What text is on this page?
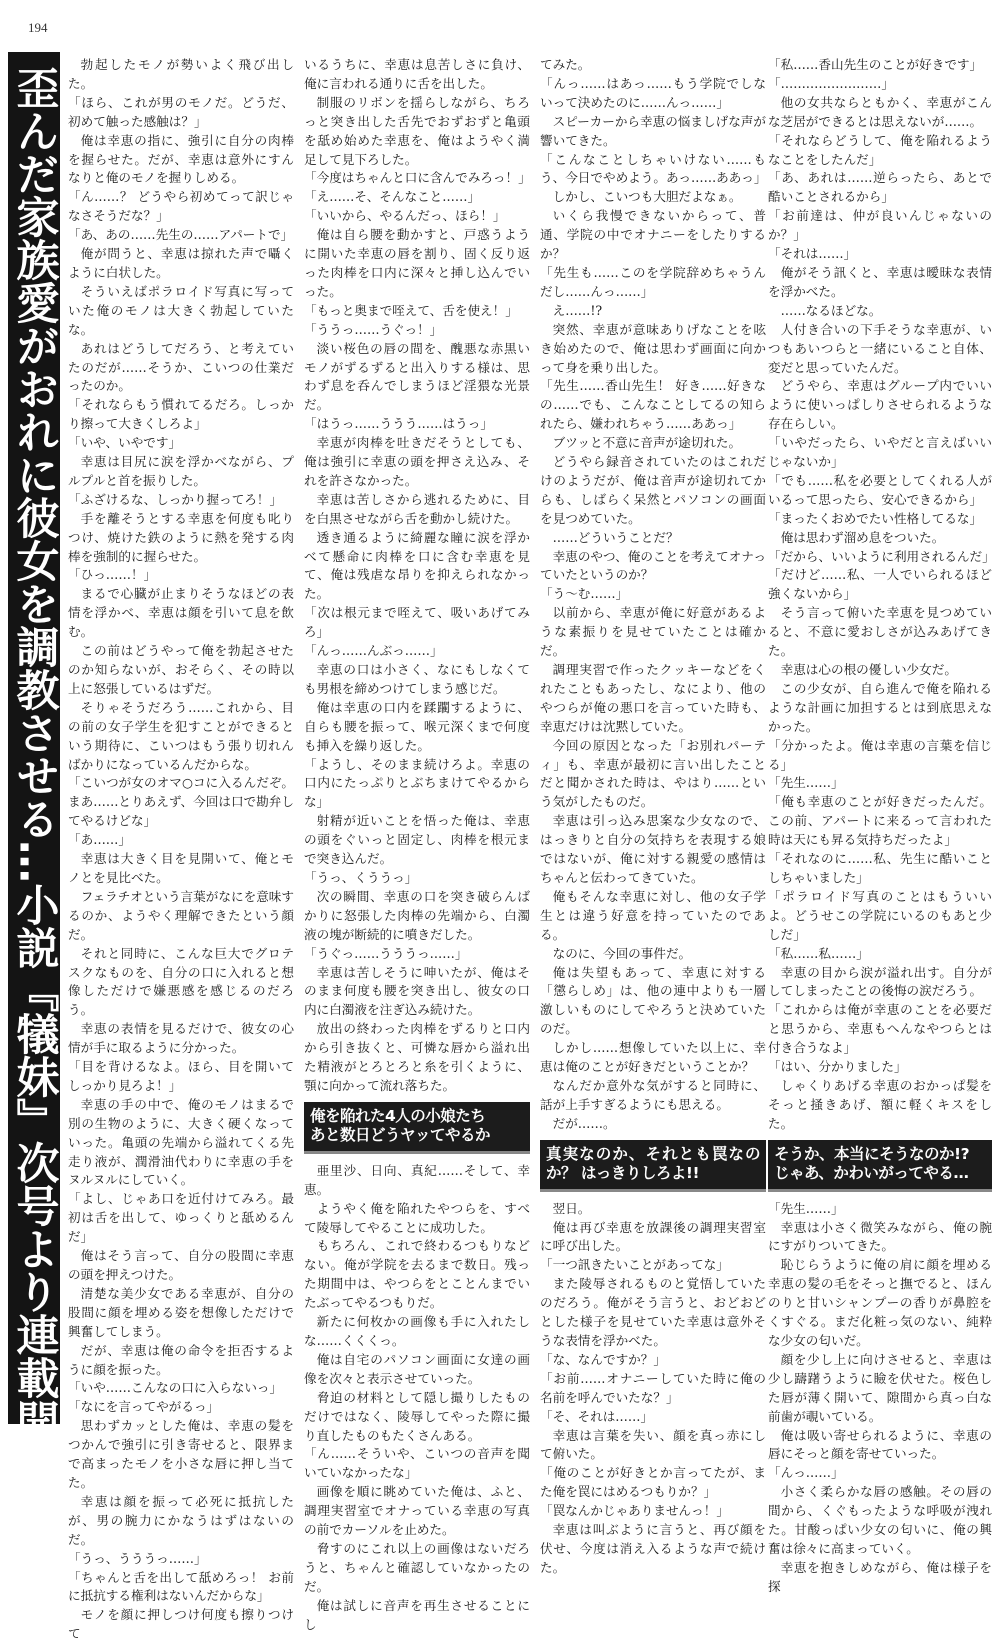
194
歪んだ家族愛がおれに彼女を調教させる…小説『犠妹』次号より連載開始!!

勃起したモノが勢いよく飛び出した。

「ほら、これが男のモノだ。どうだ、初めて触った感触は？」

俺は幸恵の指に、強引に自分の肉棒を握らせた。だが、幸恵は意外にすんなりと俺のモノを握りしめる。

「ん……？ どうやら初めてって訳じゃなさそうだな？」

「あ、あの……先生の……アパートで」

俺が問うと、幸恵は掠れた声で囁くように白状した。

そういえばポラロイド写真に写っていた俺のモノは大きく勃起していたな。

あれはどうしてだろう、と考えていたのだが……そうか、こいつの仕業だったのか。

「それならもう慣れてるだろ。しっかり擦って大きくしろよ」

「いや、いやです」

幸恵は目尻に涙を浮かべながら、プルプルと首を振りした。

「ふざけるな、しっかり握ってろ！」

手を離そうとする幸恵を何度も叱りつけ、焼けた鉄のように熱を発する肉棒を強制的に握らせた。

「ひっ……！」

まるで心臓が止まりそうなほどの表情を浮かべ、幸恵は顔を引いて息を飲む。

この前はどうやって俺を勃起させたのか知らないが、おそらく、その時以上に怒張しているはずだ。

そりゃそうだろう……これから、目の前の女子学生を犯すことができるという期待に、こいつはもう張り切れんばかりになっているんだからな。

「こいつが女のオマ○コに入るんだぞ。まあ……とりあえず、今回は口で勘弁してやるけどな」

「あ……」

幸恵は大きく目を見開いて、俺とモノとを見比べた。

フェラチオという言葉がなにを意味するのか、ようやく理解できたという顔だ。

それと同時に、こんな巨大でグロテスクなものを、自分の口に入れると想像しただけで嫌悪感を感じるのだろう。

幸恵の表情を見るだけで、彼女の心情が手に取るように分かった。

「目を背けるなよ。ほら、目を開いてしっかり見ろよ！」

幸恵の手の中で、俺のモノはまるで別の生物のように、大きく硬くなっていった。亀頭の先端から溢れてくる先走り液が、潤滑油代わりに幸恵の手をヌルヌルにしていく。

「よし、じゃあ口を近付けてみろ。最初は舌を出して、ゆっくりと舐めるんだ」

俺はそう言って、自分の股間に幸恵の頭を押えつけた。

清楚な美少女である幸恵が、自分の股間に顔を埋める姿を想像しただけで興奮してしまう。

だが、幸恵は俺の命令を拒否するように顔を振った。

「いや……こんなの口に入らないっ」

「なにを言ってやがるっ」

思わずカッとした俺は、幸恵の髪をつかんで強引に引き寄せると、限界まで高まったモノを小さな唇に押し当てた。

幸恵は顔を振って必死に抵抗したが、男の腕力にかなうはずはないのだ。

「うっ、うううっ……」

「ちゃんと舌を出して舐めろっ！ お前に抵抗する権利はないんだからな」

モノを顔に押しつけ何度も擦りつけて

いるうちに、幸恵は息苦しさに負け、俺に言われる通りに舌を出した。

制服のリボンを揺らしながら、ちろっと突き出した舌先でおずおずと亀頭を舐め始めた幸恵を、俺はようやく満足して見下ろした。

「今度はちゃんと口に含んでみろっ！」

「え……そ、そんなこと……」

「いいから、やるんだっ、ほら！」

俺は自ら腰を動かすと、戸惑うように開いた幸恵の唇を割り、固く反り返った肉棒を口内に深々と挿し込んでいった。

「もっと奥まで咥えて、舌を使え！」

「ううっ……うぐっ！」

淡い桜色の唇の間を、醜悪な赤黒いモノがずるずると出入りする様は、思わず息を呑んでしまうほど淫猥な光景だ。

「はうっ……ううう……はうっ」

幸恵が肉棒を吐きだそうとしても、俺は強引に幸恵の頭を押さえ込み、それを許さなかった。

幸恵は苦しさから逃れるために、目を白黒させながら舌を動かし続けた。

透き通るように綺麗な瞳に涙を浮かべて懸命に肉棒を口に含む幸恵を見て、俺は残虐な昂りを抑えられなかった。

「次は根元まで咥えて、吸いあげてみろ」

「んっ……んぶっ……」

幸恵の口は小さく、なにもしなくても男根を締めつけてしまう感じだ。

俺は幸恵の口内を蹂躙するように、自らも腰を振って、喉元深くまで何度も挿入を繰り返した。

「ようし、そのまま続けろよ。幸恵の口内にたっぷりとぶちまけてやるからな」

射精が近いことを悟った俺は、幸恵の頭をぐいっと固定し、肉棒を根元まで突き込んだ。

「うっ、くううっ」

次の瞬間、幸恵の口を突き破らんばかりに怒張した肉棒の先端から、白濁液の塊が断続的に噴きだした。

「うぐっ……うううっ……」

幸恵は苦しそうに呻いたが、俺はそのまま何度も腰を突き出し、彼女の口内に白濁液を注ぎ込み続けた。

放出の終わった肉棒をずるりと口内から引き抜くと、可憐な唇から溢れ出た精液がとろとろと糸を引くように、顎に向かって流れ落ちた。

俺を陥れた4人の小娘たち
あと数日どうヤッてやるか

亜里沙、日向、真紀……そして、幸恵。

ようやく俺を陥れたやつらを、すべて陵辱してやることに成功した。

もちろん、これで終わるつもりなどない。俺が学院を去るまで数日。残った期間中は、やつらをとことんまでいたぶってやるつもりだ。

新たに何枚かの画像も手に入れたしな……くくくっ。

俺は自宅のパソコン画面に女達の画像を次々と表示させていった。

脅迫の材料として隠し撮りしたものだけではなく、陵辱してやった際に撮り直したものもたくさんある。

「ん……そういや、こいつの音声を聞いていなかったな」

画像を順に眺めていた俺は、ふと、調理実習室でオナっている幸恵の写真の前でカーソルを止めた。

脅すのにこれ以上の画像はないだろうと、ちゃんと確認していなかったのだ。

俺は試しに音声を再生させることにし

てみた。

「んっ……はあっ……もう学院でしないって決めたのに……んっ……」

スピーカーから幸恵の悩ましげな声が響いてきた。

「こんなことしちゃいけない……もう、今日でやめよう。あっ……ああっ」

しかし、こいつも大胆だよなぁ。

いくら我慢できないからって、普通、学院の中でオナニーをしたりするか？

「先生も……このを学院辞めちゃうんだし……んっ……」

え……!?

突然、幸恵が意味ありげなことを呟き始めたので、俺は思わず画面に向かって身を乗り出した。

「先生……香山先生！ 好き……好きなの……でも、こんなことしてるの知られたら、嫌われちゃう……ああっ」

ブツッと不意に音声が途切れた。

どうやら録音されていたのはこれだけのようだが、俺は音声が途切れてからも、しばらく呆然とパソコンの画面を見つめていた。

……どういうことだ？

幸恵のやつ、俺のことを考えてオナっていたというのか？

「う～む……」

以前から、幸恵が俺に好意があるような素振りを見せていたことは確かだ。

調理実習で作ったクッキーなどをくれたこともあったし、なにより、他のやつらが俺の悪口を言っていた時も、幸恵だけは沈黙していた。

今回の原因となった「お別れパーティ」も、幸恵が最初に言い出したことだと聞かされた時は、やはり……という気がしたものだ。

幸恵は引っ込み思案な少女なので、はっきりと自分の気持ちを表現する娘ではないが、俺に対する親愛の感情はちゃんと伝わってきていた。

俺もそんな幸恵に対し、他の女子学生とは違う好意を持っていたのである。

なのに、今回の事件だ。

俺は失望もあって、幸恵に対する「懲らしめ」は、他の連中よりも一層激しいものにしてやろうと決めていたのだ。

しかし……想像していた以上に、幸恵は俺のことが好きだということか？

なんだか意外な気がすると同時に、話が上手すぎるようにも思える。

だが……。

真実なのか、それとも罠なのか？ はっきりしろよ!!

翌日。

俺は再び幸恵を放課後の調理実習室に呼び出した。

「一つ訊きたいことがあってな」

また陵辱されるものと覚悟していたのだろう。俺がそう言うと、おどおどとした様子を見せていた幸恵は意外そうな表情を浮かべた。

「な、なんですか？」

「お前……オナニーしていた時に俺の名前を呼んでいたな？」

「そ、それは……」

幸恵は言葉を失い、顔を真っ赤にして俯いた。

「俺のことが好きとか言ってたが、また俺を罠にはめるつもりか？」

「罠なんかじゃありませんっ！」

幸恵は叫ぶように言うと、再び顔を伏せ、今度は消え入るような声で続けた。

「私……香山先生のことが好きです」

「……………………」

他の女共ならともかく、幸恵がこんな芝居ができるとは思えないが……。

「それならどうして、俺を陥れるようなことをしたんだ」

「あ、あれは……逆らったら、あとで酷いことされるから」

「お前達は、仲が良いんじゃないのか？」

「それは……」

俺がそう訊くと、幸恵は曖昧な表情を浮かべた。

……なるほどな。

人付き合いの下手そうな幸恵が、いつもあいつらと一緒にいること自体、変だと思っていたんだ。

どうやら、幸恵はグループ内でいいように使いっぱしりさせられるような存在らしい。

「いやだったら、いやだと言えばいいじゃないか」

「でも……私を必要としてくれる人がいるって思ったら、安心できるから」

「まったくおめでたい性格してるな」

俺は思わず溜め息をついた。

「だから、いいように利用されるんだ」

「だけど……私、一人でいられるほど強くないから」

そう言って俯いた幸恵を見つめていると、不意に愛おしさが込みあげてきた。

幸恵は心の根の優しい少女だ。

この少女が、自ら進んで俺を陥れるような計画に加担するとは到底思えなかった。

「分かったよ。俺は幸恵の言葉を信じる」

「先生……」

「俺も幸恵のことが好きだったんだ。この前、アパートに来るって言われた時は天にも昇る気持ちだったよ」

「それなのに……私、先生に酷いことしちゃいました」

「ポラロイド写真のことはもういいよ。どうせこの学院にいるのもあと少しだ」

「私……私……」

幸恵の目から涙が溢れ出す。自分がしてしまったことの後悔の涙だろう。

「これからは俺が幸恵のことを必要だと思うから、幸恵もへんなやつらとは付き合うなよ」

「はい、分かりました」

しゃくりあげる幸恵のおかっぱ髪をそっと掻きあげ、額に軽くキスをした。

そうか、本当にそうなのか!?
じゃあ、かわいがってやる…

「先生……」

幸恵は小さく微笑みながら、俺の腕にすがりついてきた。

恥じらうように俺の肩に顔を埋める幸恵の髪の毛をそっと撫でると、ほんのりと甘いシャンプーの香りが鼻腔をくすぐる。まだ化粧っ気のない、純粋な少女の匂いだ。

顔を少し上に向けさせると、幸恵は少し躊躇うように瞼を伏せた。桜色した唇が薄く開いて、隙間から真っ白な前歯が覗いている。

俺は吸い寄せられるように、幸恵の唇にそっと顔を寄せていった。

「んっ……」

小さく柔らかな唇の感触。その唇の間から、くぐもったような呼吸が洩れた。甘酸っぱい少女の匂いに、俺の興奮は徐々に高まっていく。

幸恵を抱きしめながら、俺は様子を探
